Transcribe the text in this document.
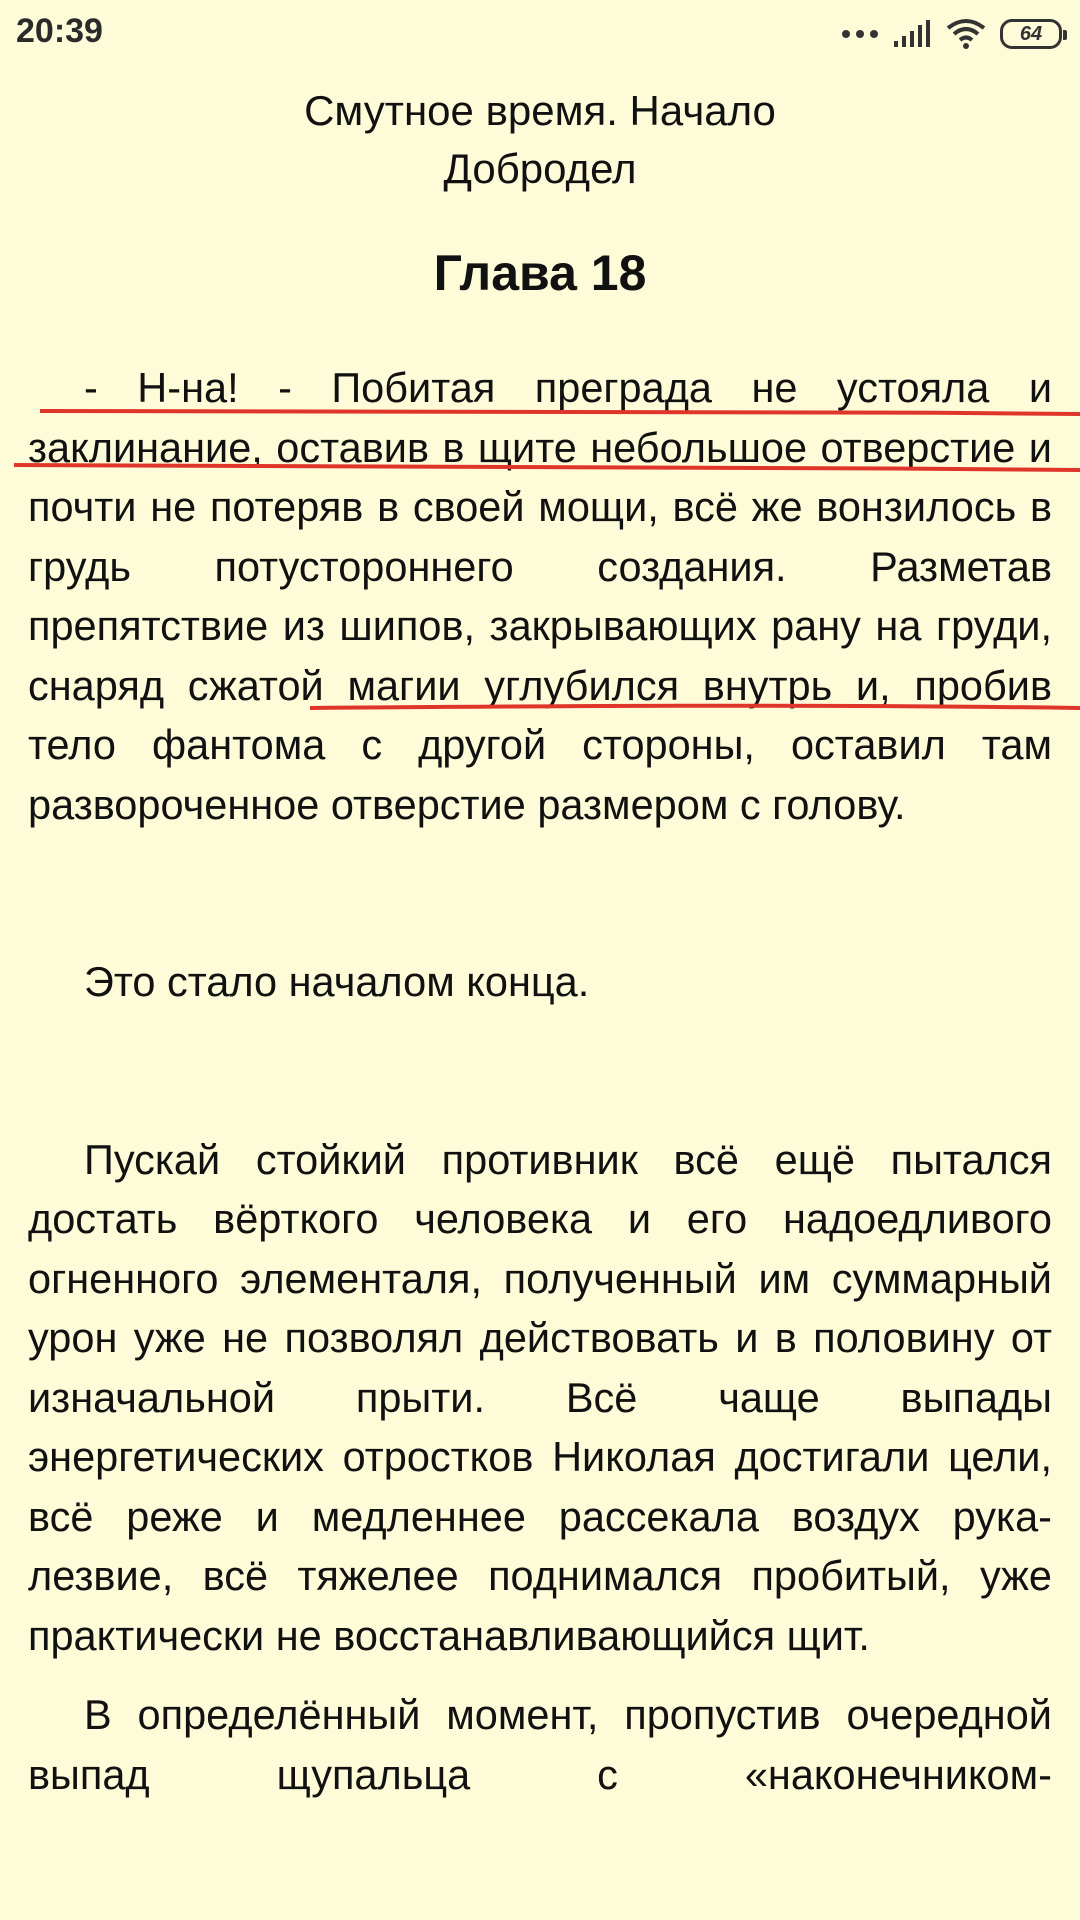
20:39	64
Смутное время. Начало
Добродел
Глава 18

- Н-на! - Побитая преграда не устояла и заклинание, оставив в щите небольшое отверстие и почти не потеряв в своей мощи, всё же вонзилось в грудь потустороннего создания. Разметав препятствие из шипов, закрывающих рану на груди, снаряд сжатой магии углубился внутрь и, пробив тело фантома с другой стороны, оставил там развороченное отверстие размером с голову.

Это стало началом конца.

Пускай стойкий противник всё ещё пытался достать вёрткого человека и его надоедливого огненного элементаля, полученный им суммарный урон уже не позволял действовать и в половину от изначальной прыти. Всё чаще выпады энергетических отростков Николая достигали цели, всё реже и медленнее рассекала воздух рука-лезвие, всё тяжелее поднимался пробитый, уже практически не восстанавливающийся щит.

В определённый момент, пропустив очередной выпад щупальца с «наконечником-
